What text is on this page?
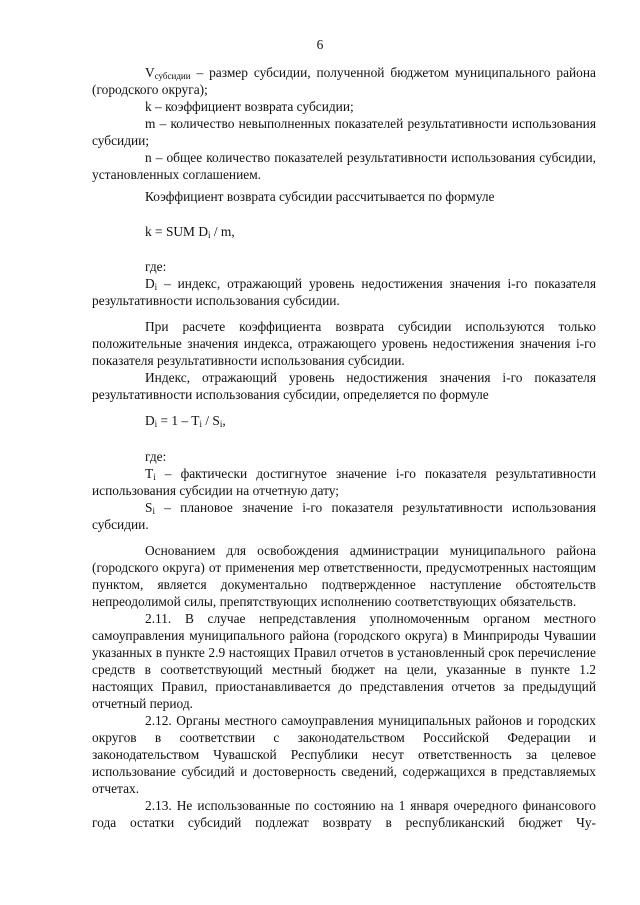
6

$V_{субсидии}$ – размер субсидии, полученной бюджетом муниципального района (городского округа);

k – коэффициент возврата субсидии;

m – количество невыполненных показателей результативности использования субсидии;

n – общее количество показателей результативности использования субсидии, установленных соглашением.

Коэффициент возврата субсидии рассчитывается по формуле

k = SUM $D_i$ / m,

где:

$D_i$ – индекс, отражающий уровень недостижения значения i-го показателя результативности использования субсидии.

При расчете коэффициента возврата субсидии используются только положительные значения индекса, отражающего уровень недостижения значения i-го показателя результативности использования субсидии.

Индекс, отражающий уровень недостижения значения i-го показателя результативности использования субсидии, определяется по формуле

$D_i = 1 - T_i / S_i$,

где:

$T_i$ – фактически достигнутое значение i-го показателя результативности использования субсидии на отчетную дату;

$S_i$ – плановое значение i-го показателя результативности использования субсидии.

Основанием для освобождения администрации муниципального района (городского округа) от применения мер ответственности, предусмотренных настоящим пунктом, является документально подтвержденное наступление обстоятельств непреодолимой силы, препятствующих исполнению соответствующих обязательств.

2.11. В случае непредставления уполномоченным органом местного самоуправления муниципального района (городского округа) в Минприроды Чувашии указанных в пункте 2.9 настоящих Правил отчетов в установленный срок перечисление средств в соответствующий местный бюджет на цели, указанные в пункте 1.2 настоящих Правил, приостанавливается до представления отчетов за предыдущий отчетный период.

2.12. Органы местного самоуправления муниципальных районов и городских округов в соответствии с законодательством Российской Федерации и законодательством Чувашской Республики несут ответственность за целевое использование субсидий и достоверность сведений, содержащихся в представляемых отчетах.

2.13. Не использованные по состоянию на 1 января очередного финансового года остатки субсидий подлежат возврату в республиканский бюджет Чу-
